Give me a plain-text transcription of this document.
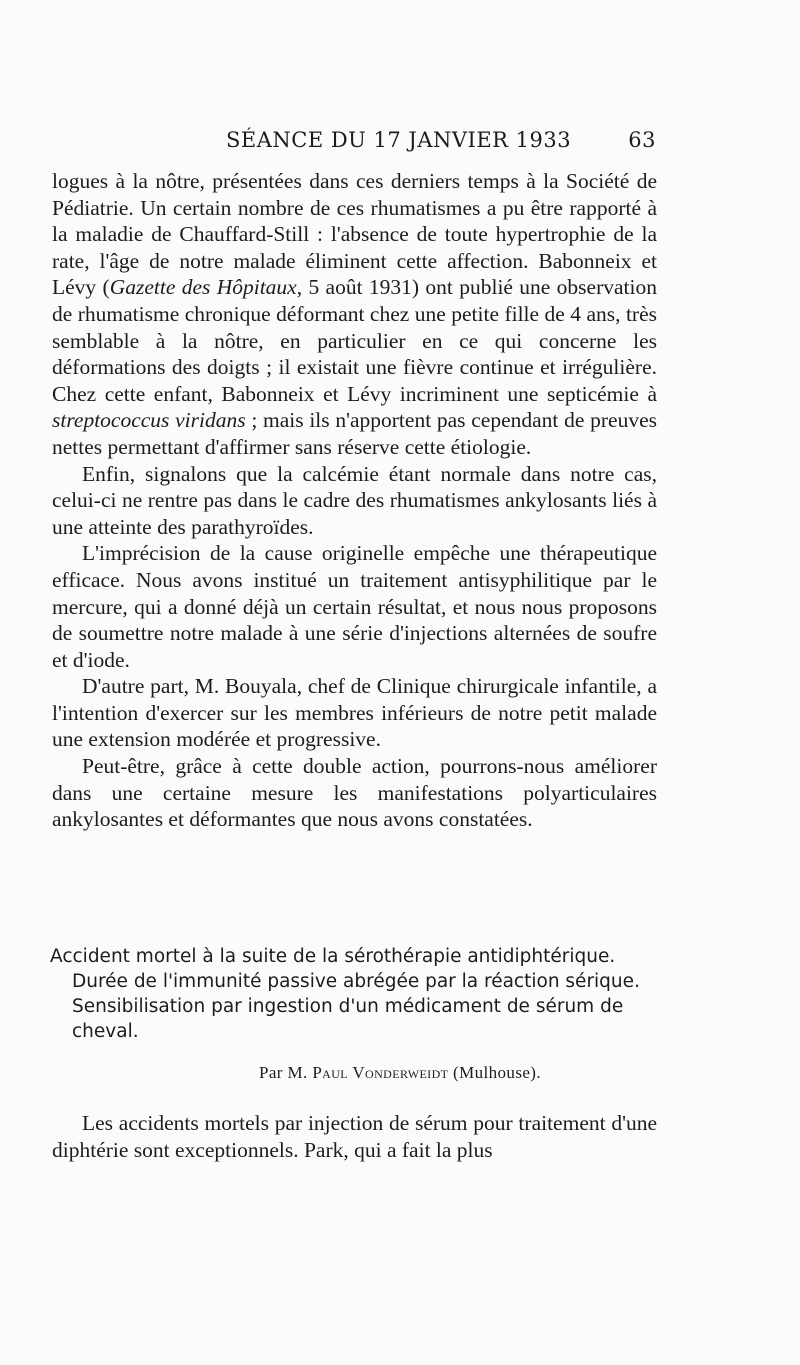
SÉANCE DU 17 JANVIER 1933	63

logues à la nôtre, présentées dans ces derniers temps à la Société de Pédiatrie. Un certain nombre de ces rhumatismes a pu être rapporté à la maladie de Chauffard-Still : l'absence de toute hypertrophie de la rate, l'âge de notre malade éliminent cette affection. Babonneix et Lévy (Gazette des Hôpitaux, 5 août 1931) ont publié une observation de rhumatisme chronique déformant chez une petite fille de 4 ans, très semblable à la nôtre, en particulier en ce qui concerne les déformations des doigts ; il existait une fièvre continue et irrégulière. Chez cette enfant, Babonneix et Lévy incriminent une septicémie à streptococcus viridans ; mais ils n'apportent pas cependant de preuves nettes permettant d'affirmer sans réserve cette étiologie.

Enfin, signalons que la calcémie étant normale dans notre cas, celui-ci ne rentre pas dans le cadre des rhumatismes ankylosants liés à une atteinte des parathyroïdes.

L'imprécision de la cause originelle empêche une thérapeutique efficace. Nous avons institué un traitement antisyphilitique par le mercure, qui a donné déjà un certain résultat, et nous nous proposons de soumettre notre malade à une série d'injections alternées de soufre et d'iode.

D'autre part, M. Bouyala, chef de Clinique chirurgicale infantile, a l'intention d'exercer sur les membres inférieurs de notre petit malade une extension modérée et progressive.

Peut-être, grâce à cette double action, pourrons-nous améliorer dans une certaine mesure les manifestations polyarticulaires ankylosantes et déformantes que nous avons constatées.

Accident mortel à la suite de la sérothérapie antidiphtérique.
Durée de l'immunité passive abrégée par la réaction sérique.
Sensibilisation par ingestion d'un médicament de sérum de
cheval.
Par M. Paul Vonderweidt (Mulhouse).

Les accidents mortels par injection de sérum pour traitement d'une diphtérie sont exceptionnels. Park, qui a fait la plus
